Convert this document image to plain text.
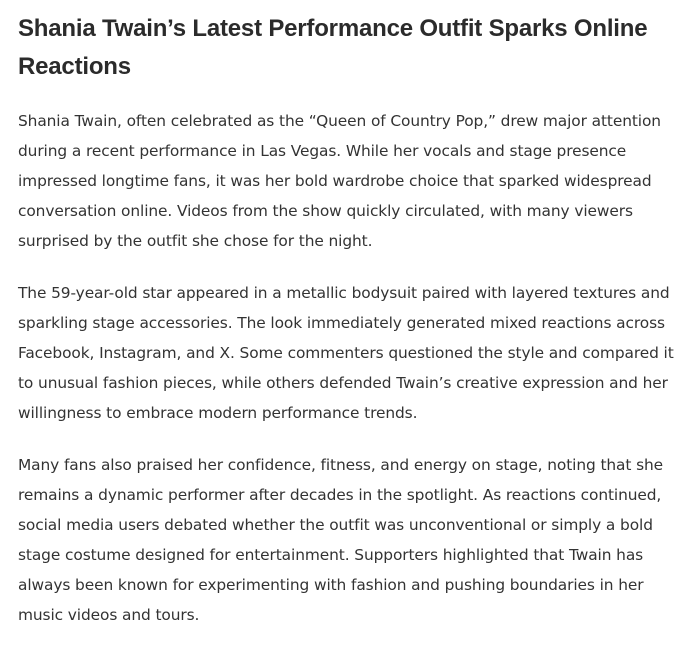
Shania Twain’s Latest Performance Outfit Sparks Online Reactions

Shania Twain, often celebrated as the “Queen of Country Pop,” drew major attention during a recent performance in Las Vegas. While her vocals and stage presence impressed longtime fans, it was her bold wardrobe choice that sparked widespread conversation online. Videos from the show quickly circulated, with many viewers surprised by the outfit she chose for the night.

The 59-year-old star appeared in a metallic bodysuit paired with layered textures and sparkling stage accessories. The look immediately generated mixed reactions across Facebook, Instagram, and X. Some commenters questioned the style and compared it to unusual fashion pieces, while others defended Twain’s creative expression and her willingness to embrace modern performance trends.

Many fans also praised her confidence, fitness, and energy on stage, noting that she remains a dynamic performer after decades in the spotlight. As reactions continued, social media users debated whether the outfit was unconventional or simply a bold stage costume designed for entertainment. Supporters highlighted that Twain has always been known for experimenting with fashion and pushing boundaries in her music videos and tours.
